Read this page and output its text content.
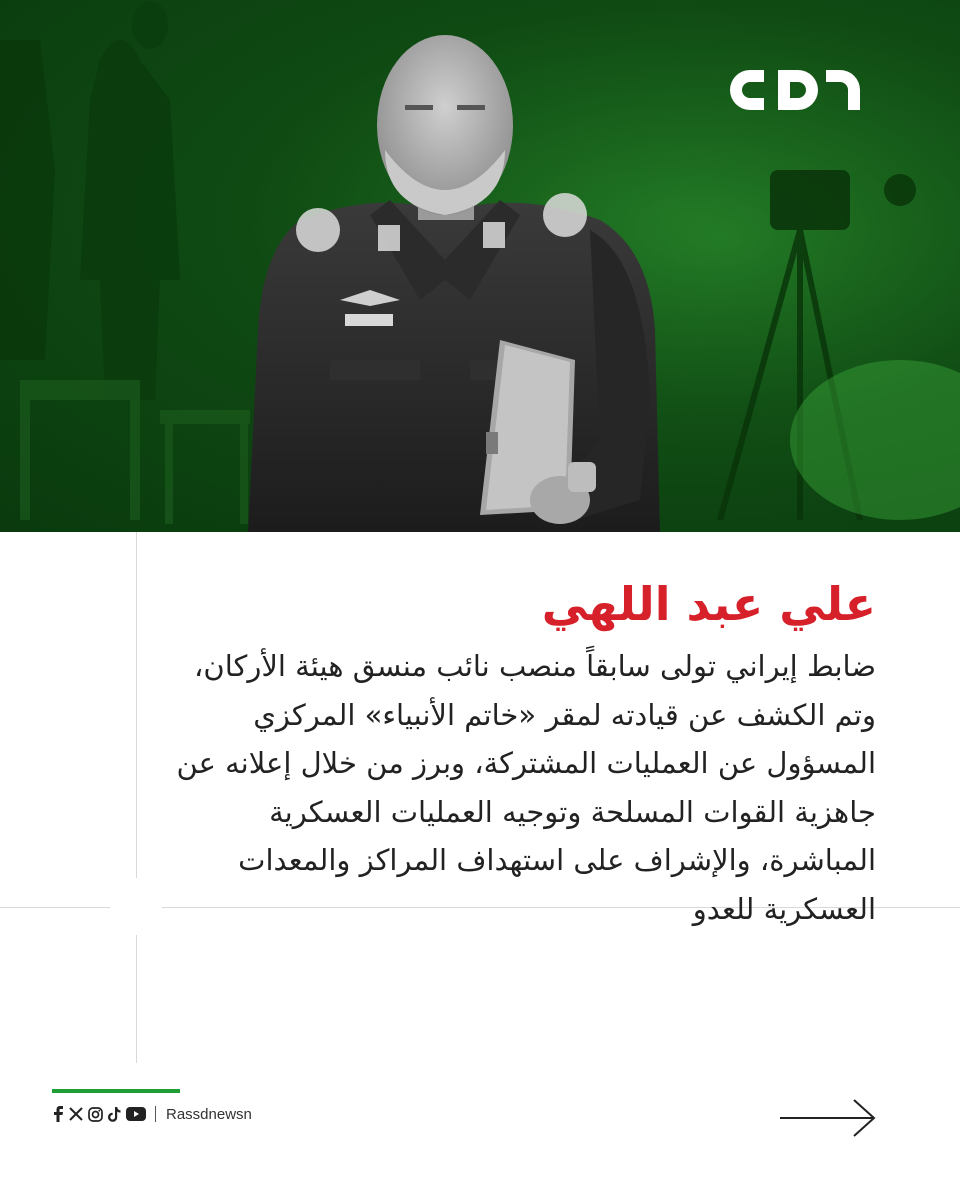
علي عبد اللهي

ضابط إيراني تولى سابقاً منصب نائب منسق هيئة الأركان، وتم الكشف عن قيادته لمقر «خاتم الأنبياء» المركزي المسؤول عن العمليات المشتركة، وبرز من خلال إعلانه عن جاهزية القوات المسلحة وتوجيه العمليات العسكرية المباشرة، والإشراف على استهداف المراكز والمعدات العسكرية للعدو

Rassdnewsn
